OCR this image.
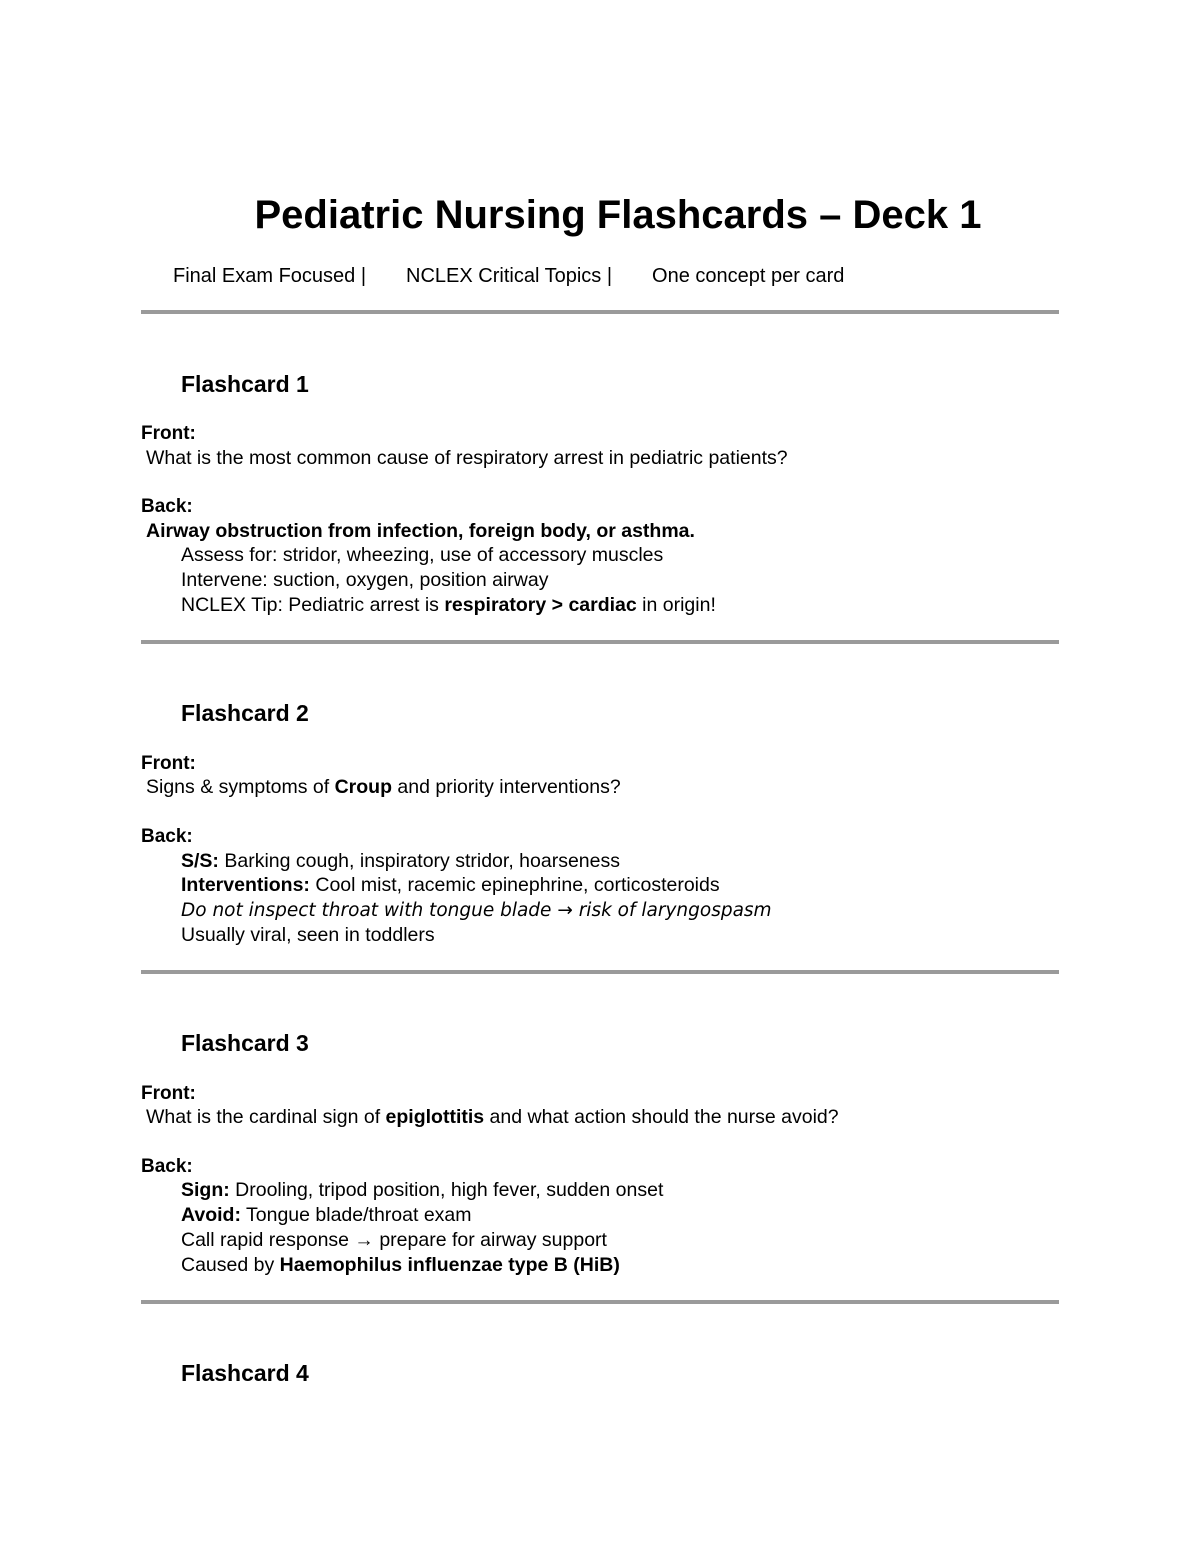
Pediatric Nursing Flashcards – Deck 1
Final Exam Focused | NCLEX Critical Topics | One concept per card
Flashcard 1
Front:
What is the most common cause of respiratory arrest in pediatric patients?
Back:
Airway obstruction from infection, foreign body, or asthma.
Assess for: stridor, wheezing, use of accessory muscles
Intervene: suction, oxygen, position airway
NCLEX Tip: Pediatric arrest is respiratory > cardiac in origin!
Flashcard 2
Front:
Signs & symptoms of Croup and priority interventions?
Back:
S/S: Barking cough, inspiratory stridor, hoarseness
Interventions: Cool mist, racemic epinephrine, corticosteroids
Do not inspect throat with tongue blade → risk of laryngospasm
Usually viral, seen in toddlers
Flashcard 3
Front:
What is the cardinal sign of epiglottitis and what action should the nurse avoid?
Back:
Sign: Drooling, tripod position, high fever, sudden onset
Avoid: Tongue blade/throat exam
Call rapid response → prepare for airway support
Caused by Haemophilus influenzae type B (HiB)
Flashcard 4
